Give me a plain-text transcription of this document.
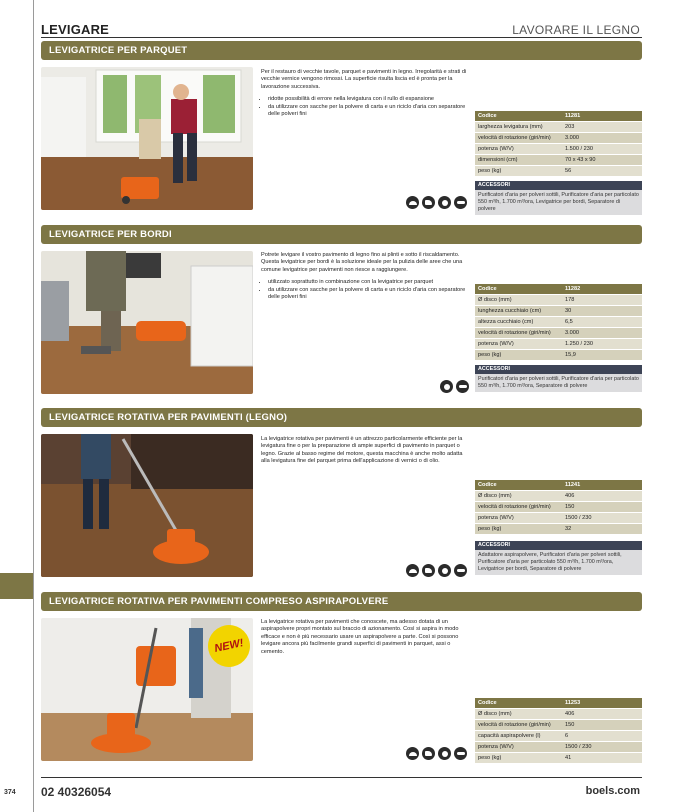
374
LEVIGARE	LAVORARE IL LEGNO
LEVIGATRICE PER PARQUET

Per il restauro di vecchie tavole, parquet e pavimenti in legno. Irregolarità e strati di vecchie vernice vengono rimossi. La superficie risulta liscia ed è pronta per la lavorazione successiva.

• ridotte possibilità di errore nella levigatura con il rullo di espansione
• da utilizzare con sacche per la polvere di carta e un riciclo d'aria con separatore delle polveri fini	Codice	11281
larghezza levigatura (mm)	203
velocità di rotazione (giri/min)	3.000
potenza (W/V)	1.500 / 230
dimensioni (cm)	70 x 43 x 90
peso (kg)	56
ACCESSORI
Purificatori d'aria per polveri sottili, Purificatore d'aria per particolato 550 m³/h, 1.700 m³/ora, Levigatrice per bordi, Separatore di polvere
LEVIGATRICE PER BORDI

Potrete levigare il vostro pavimento di legno fino ai plinti e sotto il riscaldamento. Questa levigatrice per bordi è la soluzione ideale per la pulizia delle aree che una comune levigatrice per pavimenti non riesce a raggiungere.

• utilizzato soprattutto in combinazione con la levigatrice per parquet
• da utilizzare con sacche per la polvere di carta e un riciclo d'aria con separatore delle polveri fini
Codice	11282
Ø disco (mm)	178
lunghezza cucchiaio (cm)	30
altezza cucchiaio (cm)	6,5
velocità di rotazione (giri/min)	3.000
potenza (W/V)	1.250 / 230
peso (kg)	15,9
ACCESSORI
Purificatori d'aria per polveri sottili, Purificatore d'aria per particolato 550 m³/h, 1.700 m³/ora, Separatore di polvere
LEVIGATRICE ROTATIVA PER PAVIMENTI (LEGNO)

La levigatrice rotativa per pavimenti è un attrezzo particolarmente efficiente per la levigatura fine o per la preparazione di ampie superfici di pavimento in parquet o legno. Grazie al basso regime del motore, questa macchina è anche molto adatta alla levigatura fine del parquet prima dell'applicazione di vernici o di olio.

Codice	11241
Ø disco (mm)	406
velocità di rotazione (giri/min)	150
potenza (W/V)	1500 / 230
peso (kg)	32
ACCESSORI
Adattatore aspirapolvere, Purificatori d'aria per polveri sottili, Purificatore d'aria per particolato 550 m³/h, 1.700 m³/ora, Levigatrice per bordi, Separatore di polvere
LEVIGATRICE ROTATIVA PER PAVIMENTI COMPRESO ASPIRAPOLVERE
NEW!

La levigatrice rotativa per pavimenti che conoscete, ma adesso dotata di un aspirapolvere propri montato sul braccio di azionamento. Così si aspira in modo efficace e non è più necessario usare un aspirapolvere a parte. Così si possono levigare ancora più facilmente grandi superfici di pavimenti in parquet, assi o cemento.

Codice	11253
Ø disco (mm)	406
velocità di rotazione (giri/min)	150
capacità aspirapolvere (l)	6
potenza (W/V)	1500 / 230
peso (kg)	41
02 40326054	boels.com
